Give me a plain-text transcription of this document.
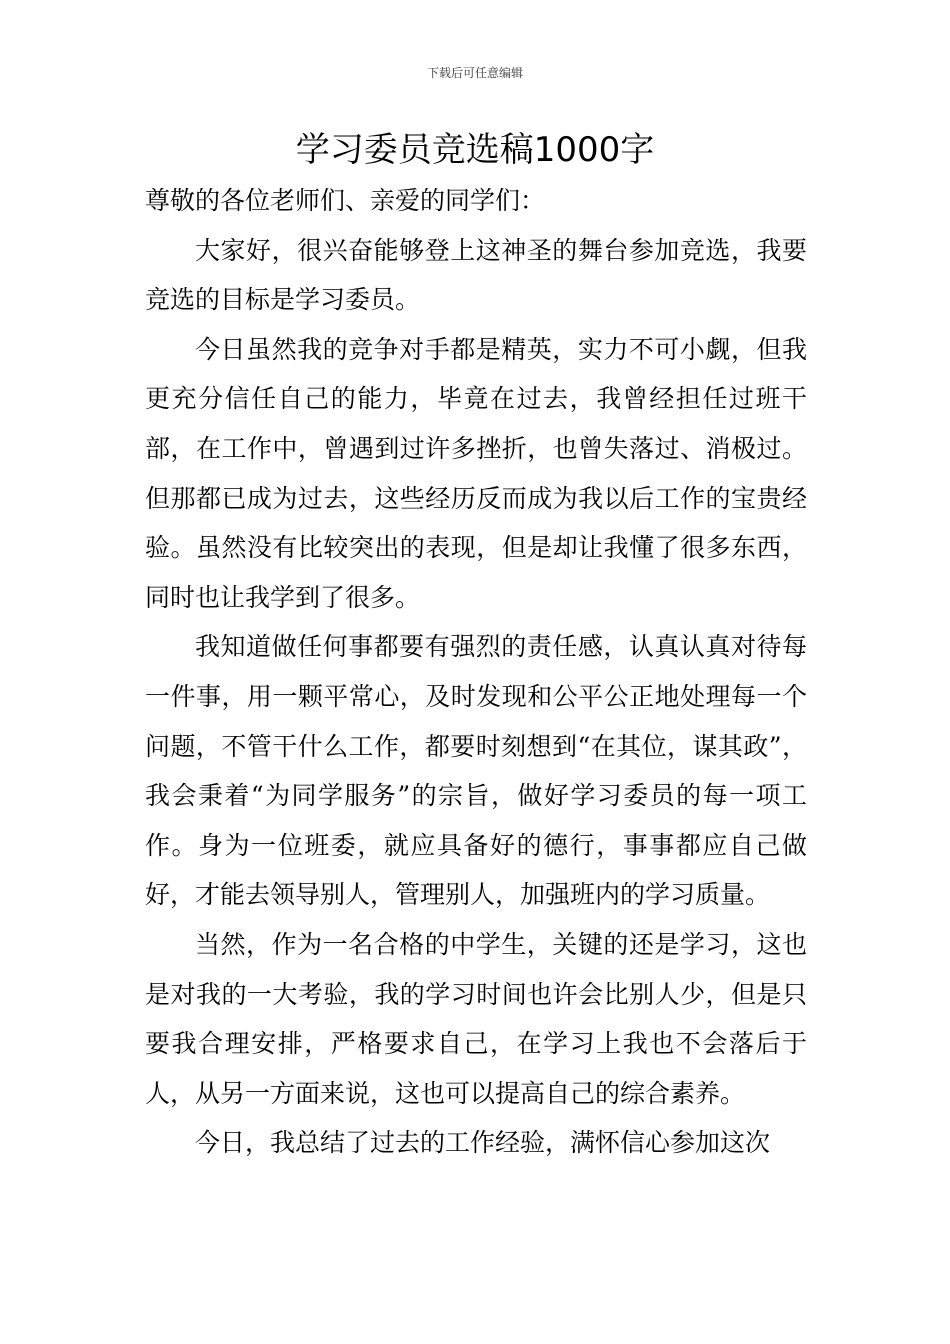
下载后可任意编辑
学习委员竞选稿1000字

尊敬的各位老师们、亲爱的同学们：

大家好，很兴奋能够登上这神圣的舞台参加竞选，我要竞选的目标是学习委员。

今日虽然我的竞争对手都是精英，实力不可小觑，但我更充分信任自己的能力，毕竟在过去，我曾经担任过班干部，在工作中，曾遇到过许多挫折，也曾失落过、消极过。但那都已成为过去，这些经历反而成为我以后工作的宝贵经验。虽然没有比较突出的表现，但是却让我懂了很多东西，同时也让我学到了很多。

我知道做任何事都要有强烈的责任感，认真认真对待每一件事，用一颗平常心，及时发现和公平公正地处理每一个问题，不管干什么工作，都要时刻想到“在其位，谋其政”，我会秉着“为同学服务”的宗旨，做好学习委员的每一项工作。身为一位班委，就应具备好的德行，事事都应自己做好，才能去领导别人，管理别人，加强班内的学习质量。

当然，作为一名合格的中学生，关键的还是学习，这也是对我的一大考验，我的学习时间也许会比别人少，但是只要我合理安排，严格要求自己，在学习上我也不会落后于人，从另一方面来说，这也可以提高自己的综合素养。

今日，我总结了过去的工作经验，满怀信心参加这次
